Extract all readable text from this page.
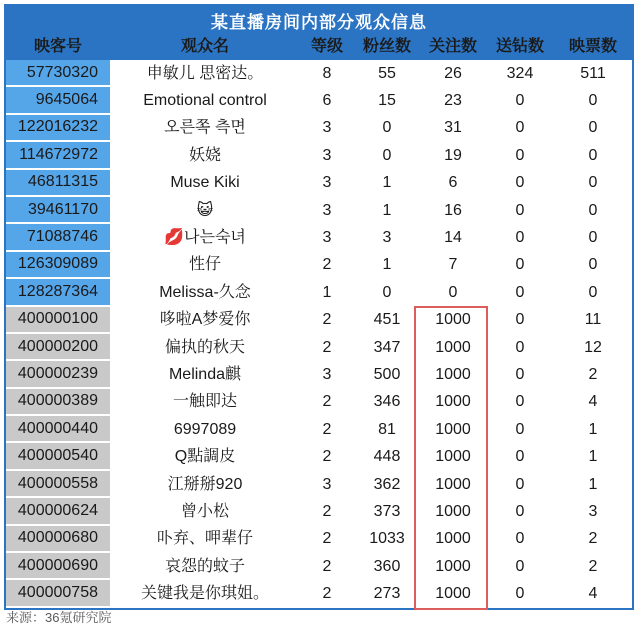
某直播房间内部分观众信息
映客号	观众名	等级	粉丝数	关注数	送钻数	映票数
57730320	申敏儿 思密达。	8	55	26	324	511
9645064	Emotional control	6	15	23	0	0
122016232	오른쪽 측면	3	0	31	0	0
114672972	妖娆	3	0	19	0	0
46811315	Muse Kiki	3	1	6	0	0
39461170	😺	3	1	16	0	0
71088746	💋나는숙녀	3	3	14	0	0
126309089	性仔	2	1	7	0	0
128287364	Melissa-久念	1	0	0	0	0
400000100	哆啦A梦爱你	2	451	1000	0	11
400000200	偏执的秋天	2	347	1000	0	12
400000239	Melinda麒	3	500	1000	0	2
400000389	一触即达	2	346	1000	0	4
400000440	6997089	2	81	1000	0	1
400000540	Q點調皮	2	448	1000	0	1
400000558	江掰掰920	3	362	1000	0	1
400000624	曾小松	2	373	1000	0	3
400000680	卟弃、呷辈仔	2	1033	1000	0	2
400000690	哀怨的蚊子	2	360	1000	0	2
400000758	关键我是你琪姐。	2	273	1000	0	4
来源：36氪研究院
